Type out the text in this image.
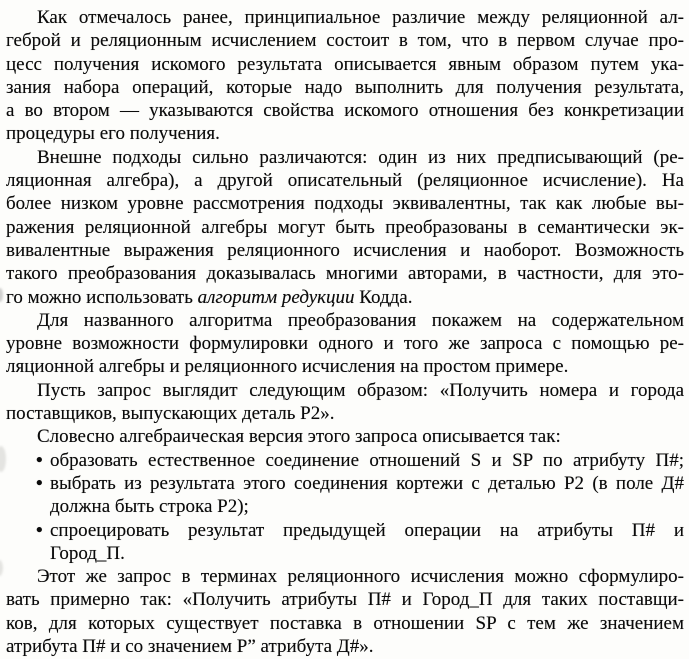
Как отмечалось ранее, принципиальное различие между реляционной ал-
геброй и реляционным исчислением состоит в том, что в первом случае про-
цесс получения искомого результата описывается явным образом путем ука-
зания набора операций, которые надо выполнить для получения результата,
а во втором — указываются свойства искомого отношения без конкретизации
процедуры его получения.
Внешне подходы сильно различаются: один из них предписывающий (ре-
ляционная алгебра), а другой описательный (реляционное исчисление). На
более низком уровне рассмотрения подходы эквивалентны, так как любые вы-
ражения реляционной алгебры могут быть преобразованы в семантически эк-
вивалентные выражения реляционного исчисления и наоборот. Возможность
такого преобразования доказывалась многими авторами, в частности, для это-
го можно использовать алгоритм редукции Кодда.
Для названного алгоритма преобразования покажем на содержательном
уровне возможности формулировки одного и того же запроса с помощью ре-
ляционной алгебры и реляционного исчисления на простом примере.
Пусть запрос выглядит следующим образом: «Получить номера и города
поставщиков, выпускающих деталь P2».
Словесно алгебраическая версия этого запроса описывается так:
• образовать естественное соединение отношений S и SP по атрибуту П#;
• выбрать из результата этого соединения кортежи с деталью P2 (в поле Д#
должна быть строка P2);
• спроецировать результат предыдущей операции на атрибуты П# и
Город_П.
Этот же запрос в терминах реляционного исчисления можно сформулиро-
вать примерно так: «Получить атрибуты П# и Город_П для таких поставщи-
ков, для которых существует поставка в отношении SP с тем же значением
атрибута П# и со значением P” атрибута Д#».
